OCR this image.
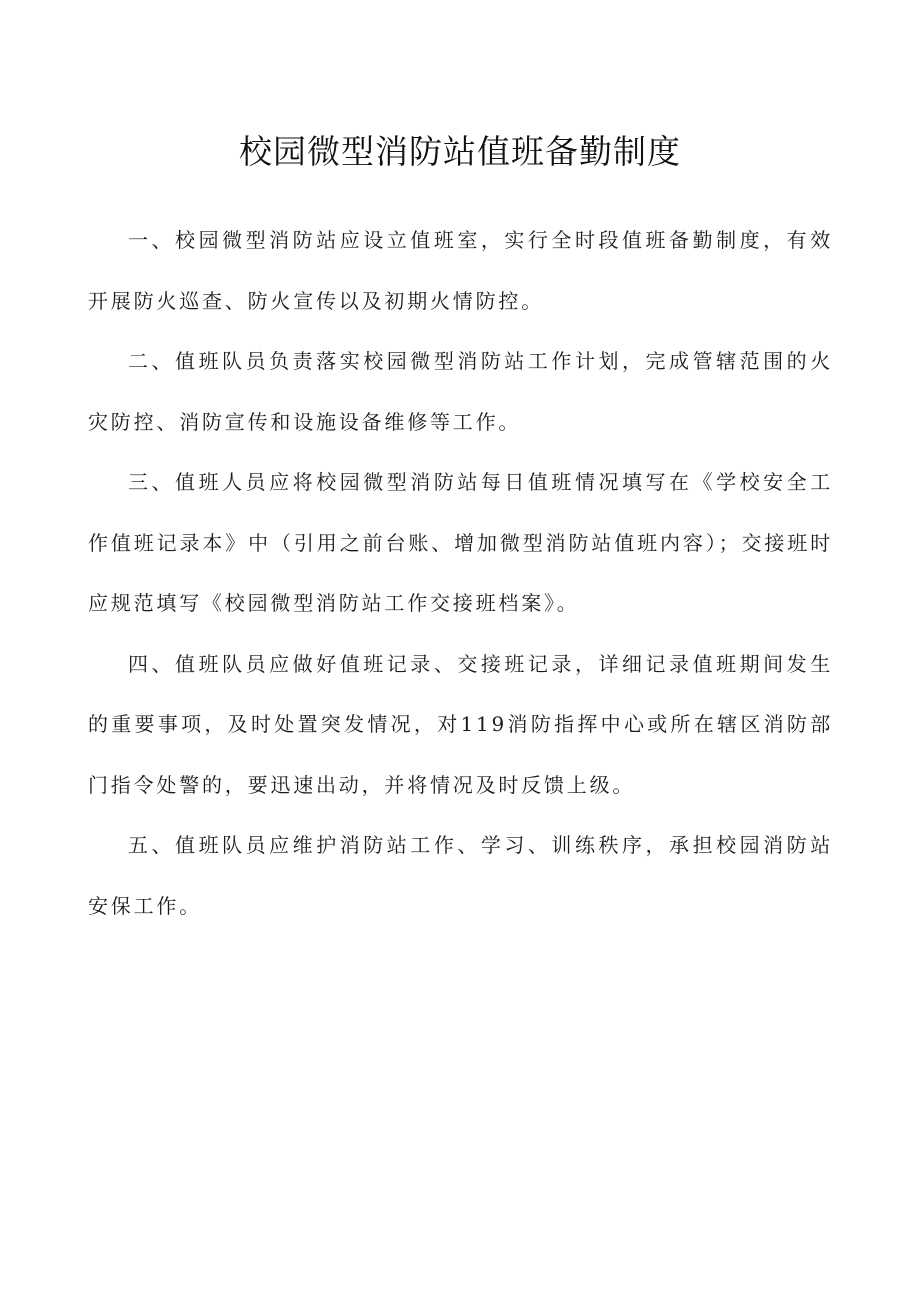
校园微型消防站值班备勤制度

一、校园微型消防站应设立值班室，实行全时段值班备勤制度，有效开展防火巡查、防火宣传以及初期火情防控。

二、值班队员负责落实校园微型消防站工作计划，完成管辖范围的火灾防控、消防宣传和设施设备维修等工作。

三、值班人员应将校园微型消防站每日值班情况填写在《学校安全工作值班记录本》中（引用之前台账、增加微型消防站值班内容）；交接班时应规范填写《校园微型消防站工作交接班档案》。

四、值班队员应做好值班记录、交接班记录，详细记录值班期间发生的重要事项，及时处置突发情况，对119消防指挥中心或所在辖区消防部门指令处警的，要迅速出动，并将情况及时反馈上级。

五、值班队员应维护消防站工作、学习、训练秩序，承担校园消防站安保工作。
